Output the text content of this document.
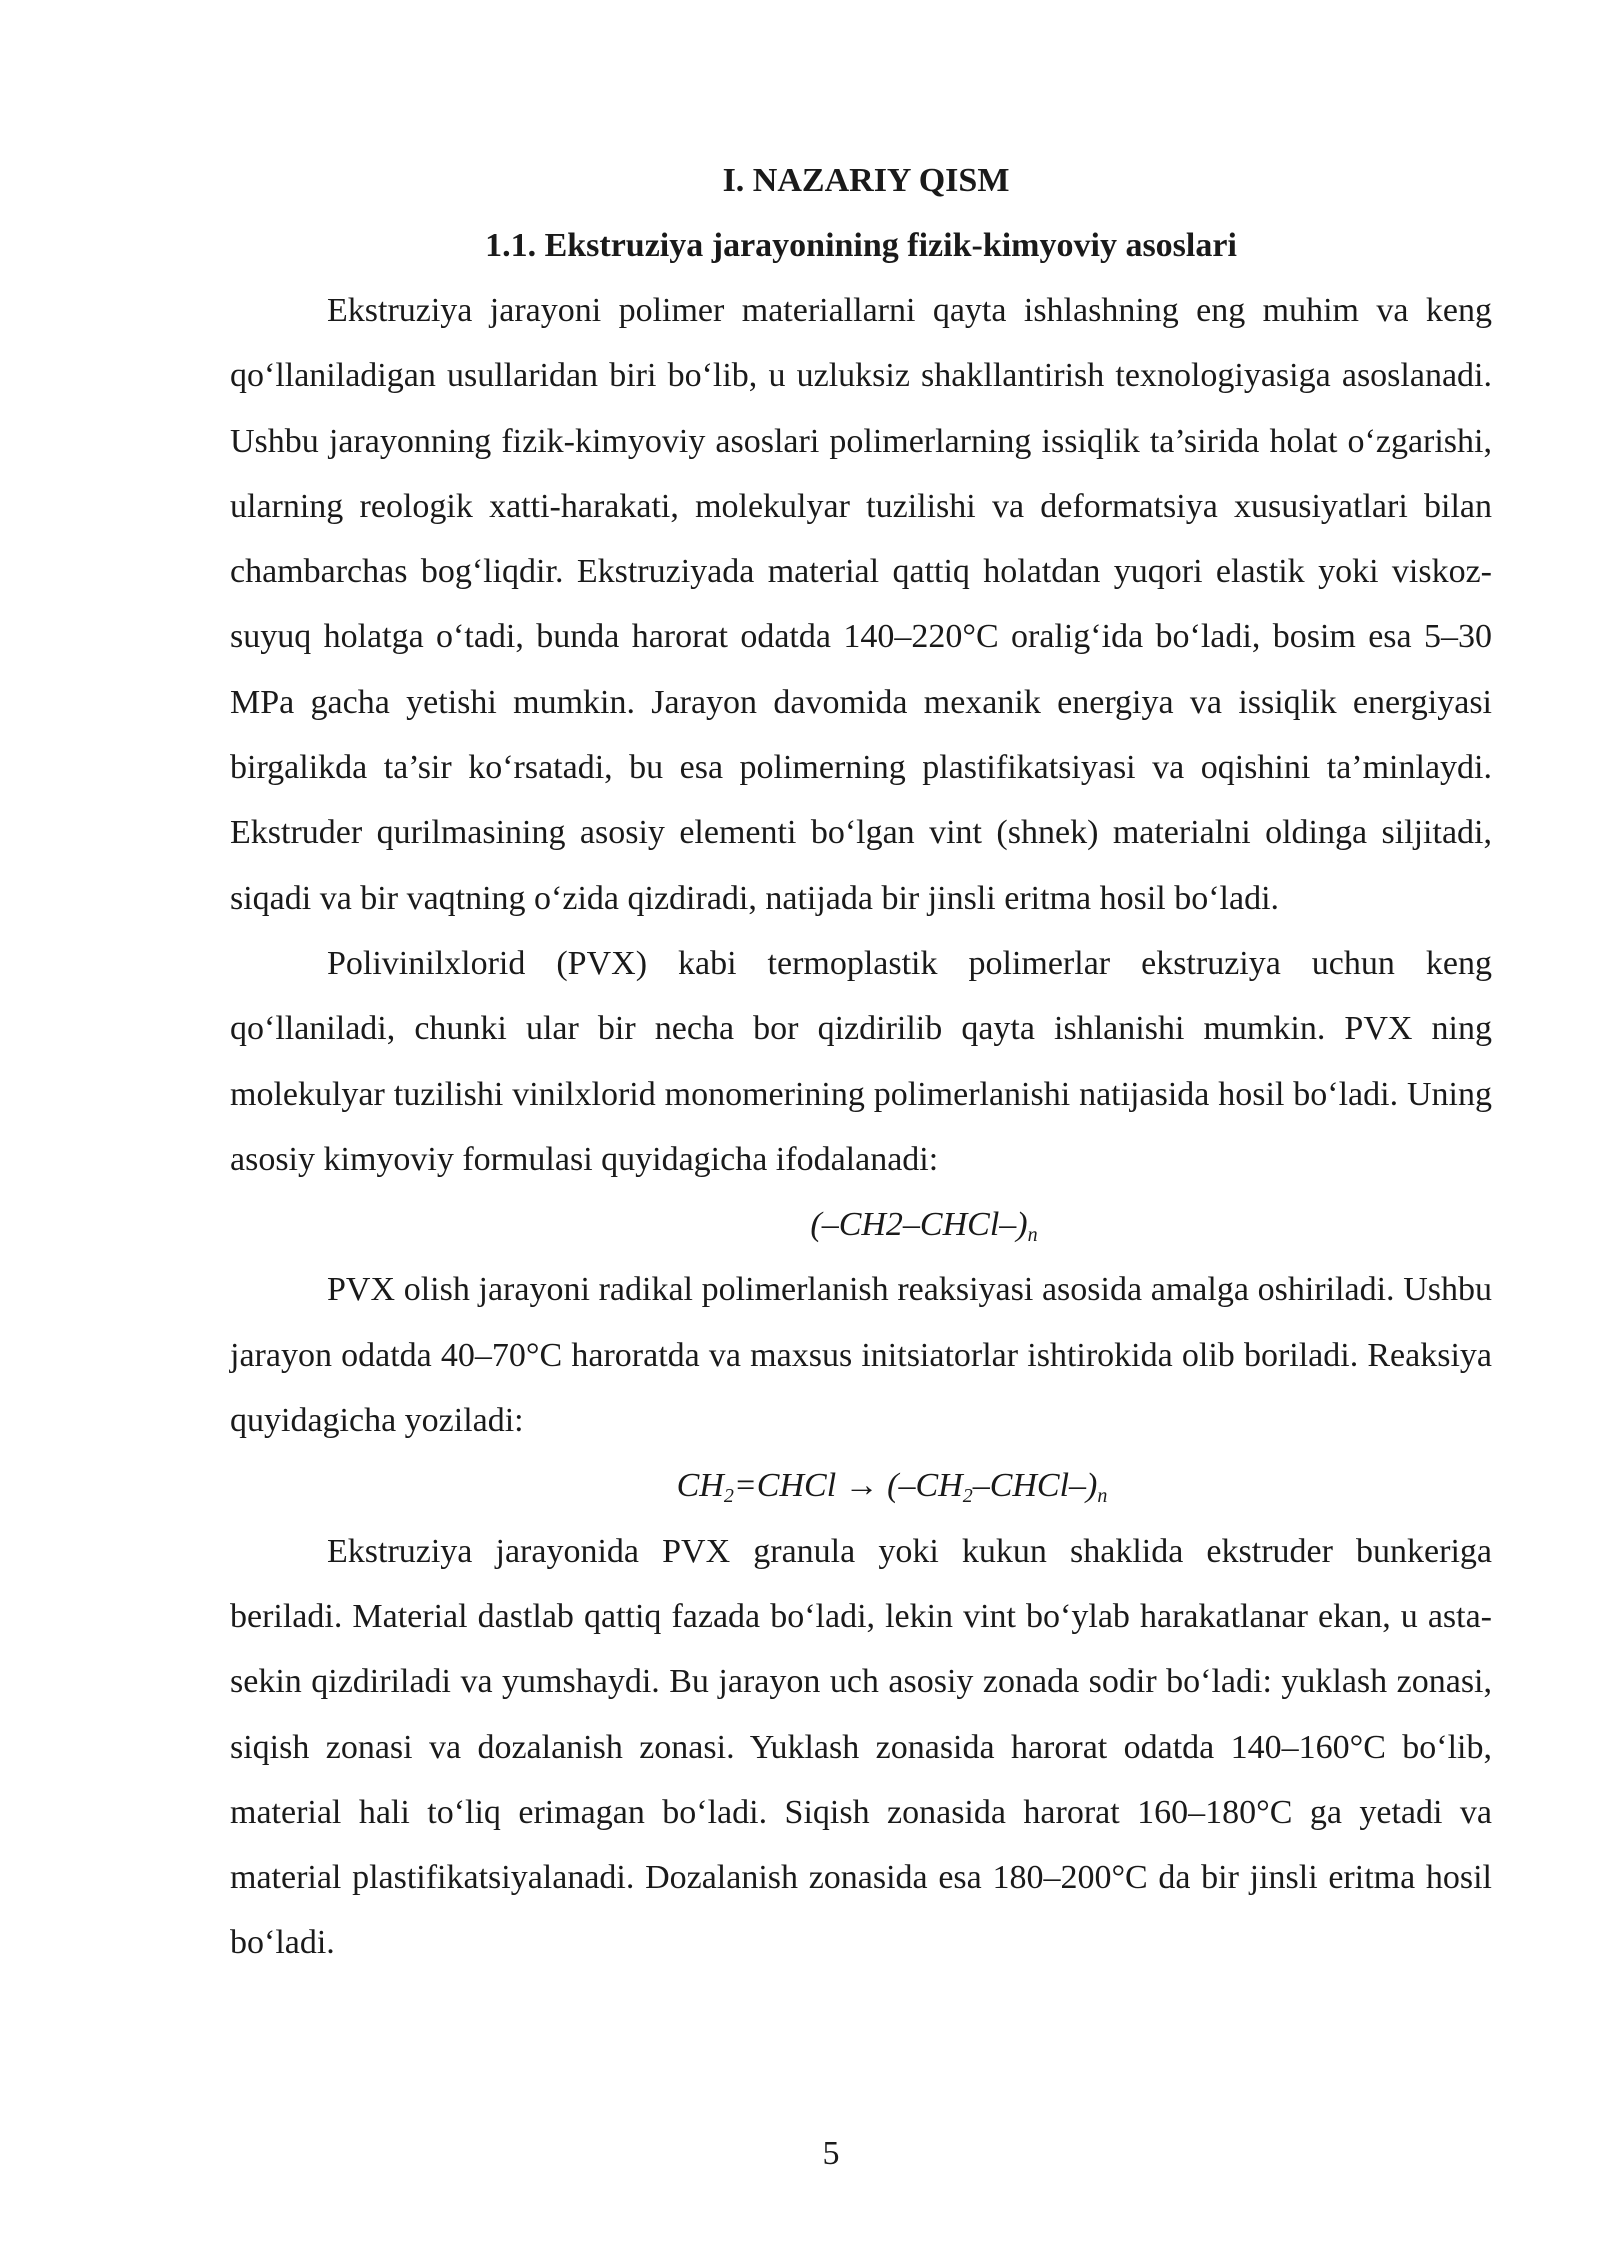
I. NAZARIY QISM
1.1. Ekstruziya jarayonining fizik-kimyoviy asoslari

Ekstruziya jarayoni polimer materiallarni qayta ishlashning eng muhim va keng qo‘llaniladigan usullaridan biri bo‘lib, u uzluksiz shakllantirish texnologiyasiga asoslanadi. Ushbu jarayonning fizik-kimyoviy asoslari polimerlarning issiqlik ta’sirida holat o‘zgarishi, ularning reologik xatti-harakati, molekulyar tuzilishi va deformatsiya xususiyatlari bilan chambarchas bog‘liqdir. Ekstruziyada material qattiq holatdan yuqori elastik yoki viskoz-suyuq holatga o‘tadi, bunda harorat odatda 140–220°C oralig‘ida bo‘ladi, bosim esa 5–30 MPa gacha yetishi mumkin. Jarayon davomida mexanik energiya va issiqlik energiyasi birgalikda ta’sir ko‘rsatadi, bu esa polimerning plastifikatsiyasi va oqishini ta’minlaydi. Ekstruder qurilmasining asosiy elementi bo‘lgan vint (shnek) materialni oldinga siljitadi, siqadi va bir vaqtning o‘zida qizdiradi, natijada bir jinsli eritma hosil bo‘ladi.

Polivinilxlorid (PVX) kabi termoplastik polimerlar ekstruziya uchun keng qo‘llaniladi, chunki ular bir necha bor qizdirilib qayta ishlanishi mumkin. PVX ning molekulyar tuzilishi vinilxlorid monomerining polimerlanishi natijasida hosil bo‘ladi. Uning asosiy kimyoviy formulasi quyidagicha ifodalanadi:

$(-CH2-CHCl-)_n$

PVX olish jarayoni radikal polimerlanish reaksiyasi asosida amalga oshiriladi. Ushbu jarayon odatda 40–70°C haroratda va maxsus initsiatorlar ishtirokida olib boriladi. Reaksiya quyidagicha yoziladi:

$CH_2=CHCl$ → $(-CH_2-CHCl-)_n$

Ekstruziya jarayonida PVX granula yoki kukun shaklida ekstruder bunkeriga beriladi. Material dastlab qattiq fazada bo‘ladi, lekin vint bo‘ylab harakatlanar ekan, u asta-sekin qizdiriladi va yumshaydi. Bu jarayon uch asosiy zonada sodir bo‘ladi: yuklash zonasi, siqish zonasi va dozalanish zonasi. Yuklash zonasida harorat odatda 140–160°C bo‘lib, material hali to‘liq erimagan bo‘ladi. Siqish zonasida harorat 160–180°C ga yetadi va material plastifikatsiyalanadi. Dozalanish zonasida esa 180–200°C da bir jinsli eritma hosil bo‘ladi.

5
